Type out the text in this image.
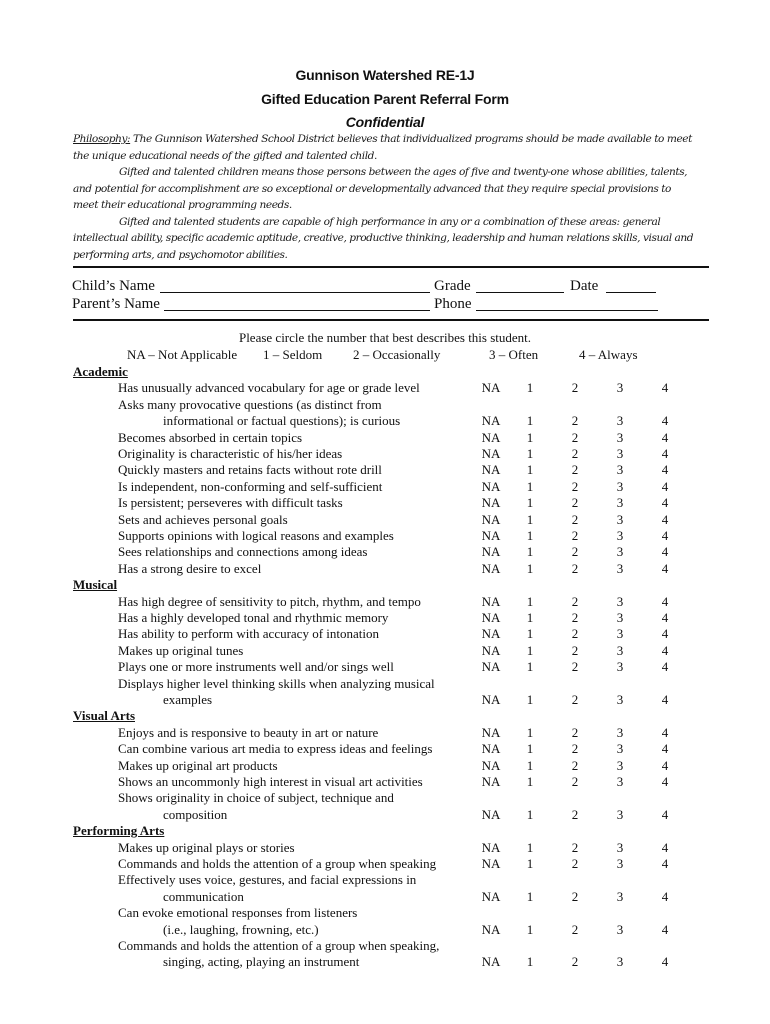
Gunnison Watershed RE-1J
Gifted Education Parent Referral Form
Confidential

Philosophy: The Gunnison Watershed School District believes that individualized programs should be made available to meet the unique educational needs of the gifted and talented child.

Gifted and talented children means those persons between the ages of five and twenty-one whose abilities, talents, and potential for accomplishment are so exceptional or developmentally advanced that they require special provisions to meet their educational programming needs.

Gifted and talented students are capable of high performance in any or a combination of these areas: general intellectual ability, specific academic aptitude, creative, productive thinking, leadership and human relations skills, visual and performing arts, and psychomotor abilities.

Child’s Name	Grade	Date
Parent’s Name	Phone
Please circle the number that best describes this student.
NA – Not Applicable 1 – Seldom 2 – Occasionally	3 – Often	4 – Always
Academic
Has unusually advanced vocabulary for age or grade level	NA	1	2	3	4
Asks many provocative questions (as distinct from
informational or factual questions); is curious	NA	1	2	3	4
Becomes absorbed in certain topics	NA	1	2	3	4
Originality is characteristic of his/her ideas	NA	1	2	3	4
Quickly masters and retains facts without rote drill	NA	1	2	3	4
Is independent, non-conforming and self-sufficient	NA	1	2	3	4
Is persistent; perseveres with difficult tasks	NA	1	2	3	4
Sets and achieves personal goals	NA	1	2	3	4
Supports opinions with logical reasons and examples	NA	1	2	3	4
Sees relationships and connections among ideas	NA	1	2	3	4
Has a strong desire to excel	NA	1	2	3	4
Musical
Has high degree of sensitivity to pitch, rhythm, and tempo	NA	1	2	3	4
Has a highly developed tonal and rhythmic memory	NA	1	2	3	4
Has ability to perform with accuracy of intonation	NA	1	2	3	4
Makes up original tunes	NA	1	2	3	4
Plays one or more instruments well and/or sings well	NA	1	2	3	4
Displays higher level thinking skills when analyzing musical
examples	NA	1	2	3	4
Visual Arts
Enjoys and is responsive to beauty in art or nature	NA	1	2	3	4
Can combine various art media to express ideas and feelings	NA	1	2	3	4
Makes up original art products	NA	1	2	3	4
Shows an uncommonly high interest in visual art activities	NA	1	2	3	4
Shows originality in choice of subject, technique and
composition	NA	1	2	3	4
Performing Arts
Makes up original plays or stories	NA	1	2	3	4
Commands and holds the attention of a group when speaking	NA	1	2	3	4
Effectively uses voice, gestures, and facial expressions in
communication	NA	1	2	3	4
Can evoke emotional responses from listeners
(i.e., laughing, frowning, etc.)	NA	1	2	3	4
Commands and holds the attention of a group when speaking,
singing, acting, playing an instrument	NA	1	2	3	4
